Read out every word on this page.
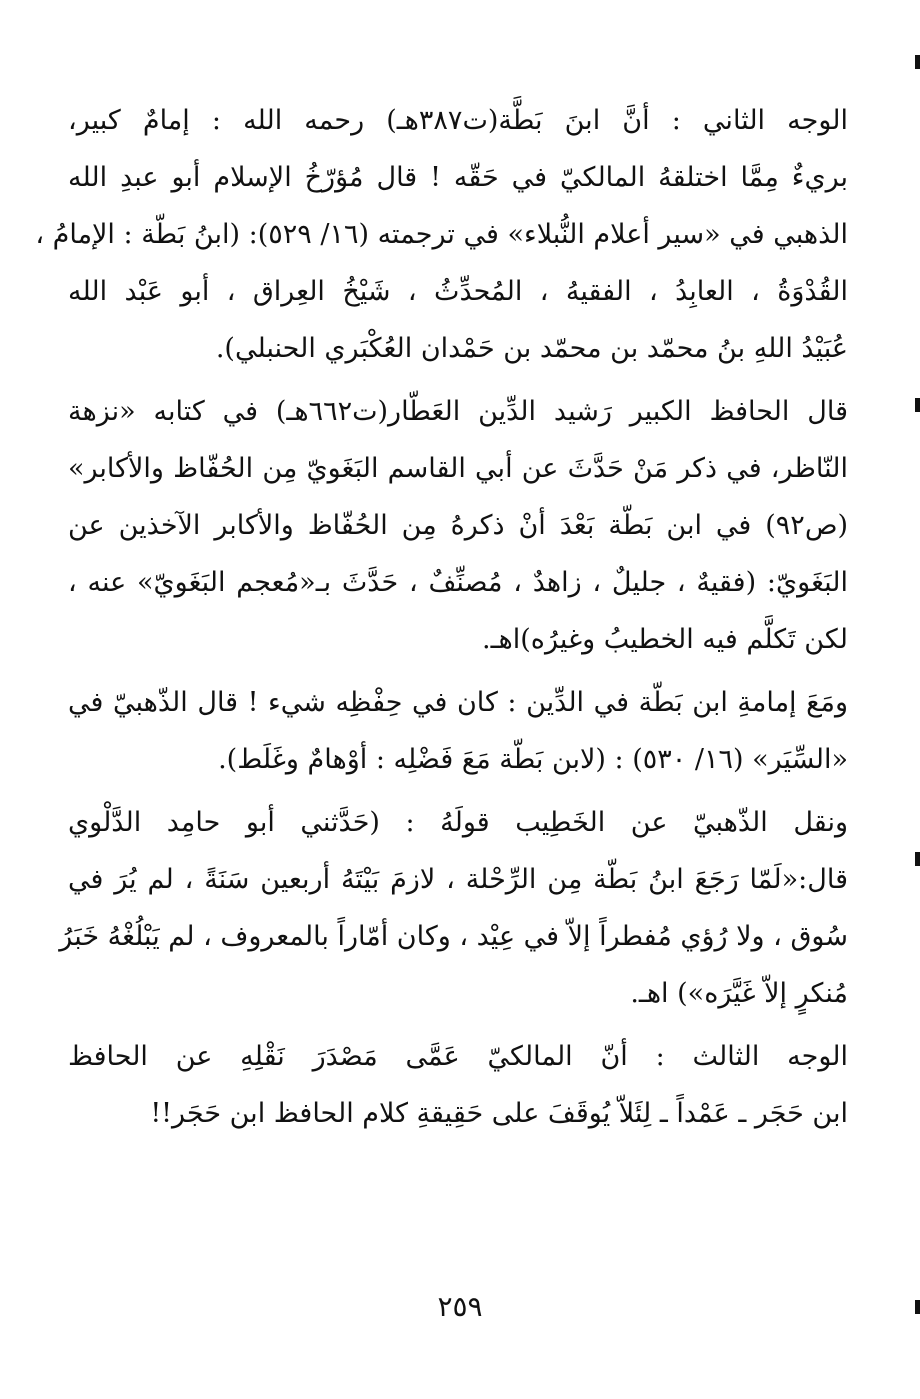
الوجه الثاني : أنَّ ابنَ بَطَّة(ت٣٨٧هـ) رحمه الله : إمامٌ كبير،
بريءٌ مِمَّا اختلقهُ المالكيّ في حَقّه ! قال مُؤرّخُ الإسلام أبو عبدِ الله
الذهبي في «سير أعلام النُّبلاء» في ترجمته (١٦/ ٥٢٩): (ابنُ بَطّة : الإمامُ ،
القُدْوَةُ ، العابِدُ ، الفقيهُ ، المُحدِّثُ ، شَيْخُ العِراق ، أبو عَبْد الله
عُبَيْدُ اللهِ بنُ محمّد بن محمّد بن حَمْدان العُكْبَري الحنبلي).
قال الحافظ الكبير رَشيد الدِّين العَطّار(ت٦٦٢هـ) في كتابه «نزهة
النّاظر، في ذكر مَنْ حَدَّثَ عن أبي القاسم البَغَويّ مِن الحُفّاظ والأكابر»
(ص٩٢) في ابن بَطّة بَعْدَ أنْ ذكرهُ مِن الحُفّاظ والأكابر الآخذين عن
البَغَويّ: (فقيهٌ ، جليلٌ ، زاهدٌ ، مُصنِّفٌ ، حَدَّثَ بـ«مُعجم البَغَويّ» عنه ،
لكن تَكلَّم فيه الخطيبُ وغيرُه)اهـ.
ومَعَ إمامةِ ابن بَطّة في الدِّين : كان في حِفْظِه شيء ! قال الذّهبيّ في
«السِّيَر» (١٦/ ٥٣٠) : (لابن بَطّة مَعَ فَضْلِه : أوْهامٌ وغَلَط).
ونقل الذّهبيّ عن الخَطِيب قولَهُ : (حَدَّثني أبو حامِد الدَّلْوي
قال:«لَمّا رَجَعَ ابنُ بَطّة مِن الرِّحْلة ، لازمَ بَيْتَهُ أربعين سَنَةً ، لم يُرَ في
سُوق ، ولا رُؤي مُفطراً إلاّ في عِيْد ، وكان أمّاراً بالمعروف ، لم يَبْلُغْهُ خَبَرُ
مُنكرٍ إلاّ غَيَّرَه») اهـ.
الوجه الثالث : أنّ المالكيّ عَمَّى مَصْدَرَ نَقْلِهِ عن الحافظ
ابن حَجَر ـ عَمْداً ـ لِئَلاّ يُوقَفَ على حَقِيقةِ كلام الحافظ ابن حَجَر!!
٢٥٩
